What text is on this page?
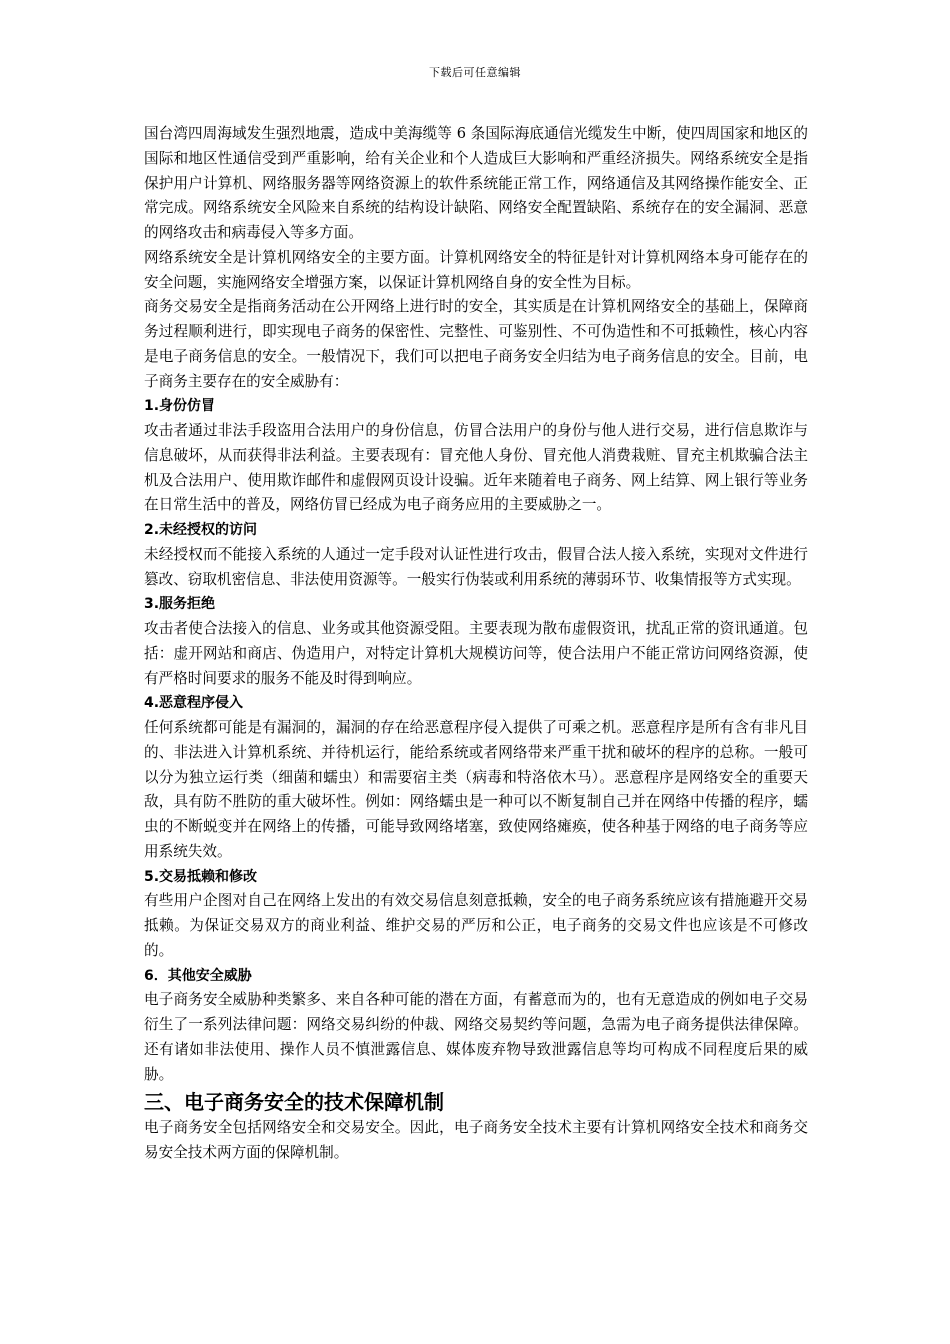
下载后可任意编辑

国台湾四周海域发生强烈地震，造成中美海缆等 6 条国际海底通信光缆发生中断，使四周国家和地区的国际和地区性通信受到严重影响，给有关企业和个人造成巨大影响和严重经济损失。网络系统安全是指保护用户计算机、网络服务器等网络资源上的软件系统能正常工作，网络通信及其网络操作能安全、正常完成。网络系统安全风险来自系统的结构设计缺陷、网络安全配置缺陷、系统存在的安全漏洞、恶意的网络攻击和病毒侵入等多方面。

网络系统安全是计算机网络安全的主要方面。计算机网络安全的特征是针对计算机网络本身可能存在的安全问题，实施网络安全增强方案，以保证计算机网络自身的安全性为目标。

商务交易安全是指商务活动在公开网络上进行时的安全，其实质是在计算机网络安全的基础上，保障商务过程顺利进行，即实现电子商务的保密性、完整性、可鉴别性、不可伪造性和不可抵赖性，核心内容是电子商务信息的安全。一般情况下，我们可以把电子商务安全归结为电子商务信息的安全。目前，电子商务主要存在的安全威胁有：

1.身份仿冒

攻击者通过非法手段盗用合法用户的身份信息，仿冒合法用户的身份与他人进行交易，进行信息欺诈与信息破坏，从而获得非法利益。主要表现有：冒充他人身份、冒充他人消费栽赃、冒充主机欺骗合法主机及合法用户、使用欺诈邮件和虚假网页设计设骗。近年来随着电子商务、网上结算、网上银行等业务在日常生活中的普及，网络仿冒已经成为电子商务应用的主要威胁之一。

2.未经授权的访问

未经授权而不能接入系统的人通过一定手段对认证性进行攻击，假冒合法人接入系统，实现对文件进行篡改、窃取机密信息、非法使用资源等。一般实行伪装或利用系统的薄弱环节、收集情报等方式实现。

3.服务拒绝

攻击者使合法接入的信息、业务或其他资源受阻。主要表现为散布虚假资讯，扰乱正常的资讯通道。包括：虚开网站和商店、伪造用户，对特定计算机大规模访问等，使合法用户不能正常访问网络资源，使有严格时间要求的服务不能及时得到响应。

4.恶意程序侵入

任何系统都可能是有漏洞的，漏洞的存在给恶意程序侵入提供了可乘之机。恶意程序是所有含有非凡目的、非法进入计算机系统、并待机运行，能给系统或者网络带来严重干扰和破坏的程序的总称。一般可以分为独立运行类（细菌和蠕虫）和需要宿主类（病毒和特洛依木马）。恶意程序是网络安全的重要天敌，具有防不胜防的重大破坏性。例如：网络蠕虫是一种可以不断复制自己并在网络中传播的程序，蠕虫的不断蜕变并在网络上的传播，可能导致网络堵塞，致使网络瘫痪，使各种基于网络的电子商务等应用系统失效。

5.交易抵赖和修改

有些用户企图对自己在网络上发出的有效交易信息刻意抵赖，安全的电子商务系统应该有措施避开交易抵赖。为保证交易双方的商业利益、维护交易的严厉和公正，电子商务的交易文件也应该是不可修改的。

6．其他安全威胁

电子商务安全威胁种类繁多、来自各种可能的潜在方面，有蓄意而为的，也有无意造成的例如电子交易衍生了一系列法律问题：网络交易纠纷的仲裁、网络交易契约等问题，急需为电子商务提供法律保障。还有诸如非法使用、操作人员不慎泄露信息、媒体废弃物导致泄露信息等均可构成不同程度后果的威胁。

三、电子商务安全的技术保障机制

电子商务安全包括网络安全和交易安全。因此，电子商务安全技术主要有计算机网络安全技术和商务交易安全技术两方面的保障机制。
